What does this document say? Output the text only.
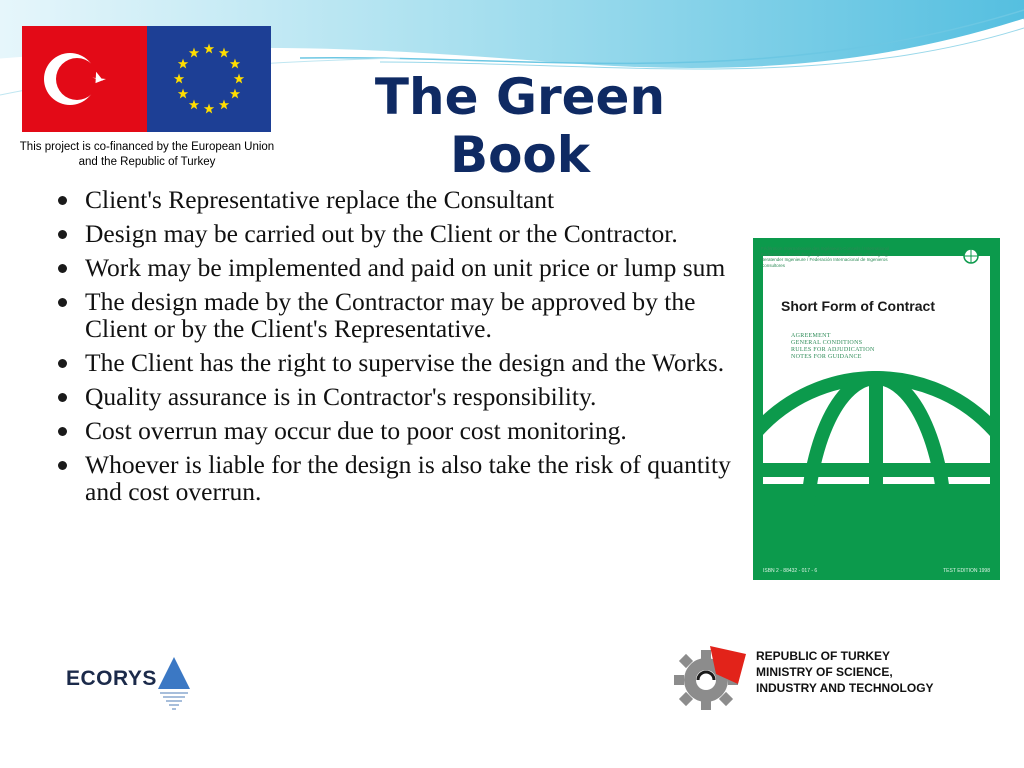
This project is co-financed by the European Union and the Republic of Turkey
The Green Book
Client's Representative replace the Consultant
Design may be carried out by the Client or the Contractor.
Work may be implemented and paid on unit price or lump sum
The design made by the Contractor may be approved by the Client or by the Client's Representative.
The Client has the right to supervise the design and the Works.
Quality assurance is in Contractor's responsibility.
Cost overrun may occur due to poor cost monitoring.
Whoever is liable for the design is also take the risk of quantity and cost overrun.
Fédération Internationale des Ingénieurs-Conseils / International Federation of Consulting Engineers / Internationale Vereinigung Beratender Ingenieure / Federación Internacional de Ingenieros Consultores
Short Form of Contract
AGREEMENT
GENERAL CONDITIONS
RULES FOR ADJUDICATION
NOTES FOR GUIDANCE
ISBN 2 - 88432 - 017 - 6	TEST EDITION 1998
ECORYS
REPUBLIC OF TURKEY
MINISTRY OF SCIENCE,
INDUSTRY AND TECHNOLOGY
